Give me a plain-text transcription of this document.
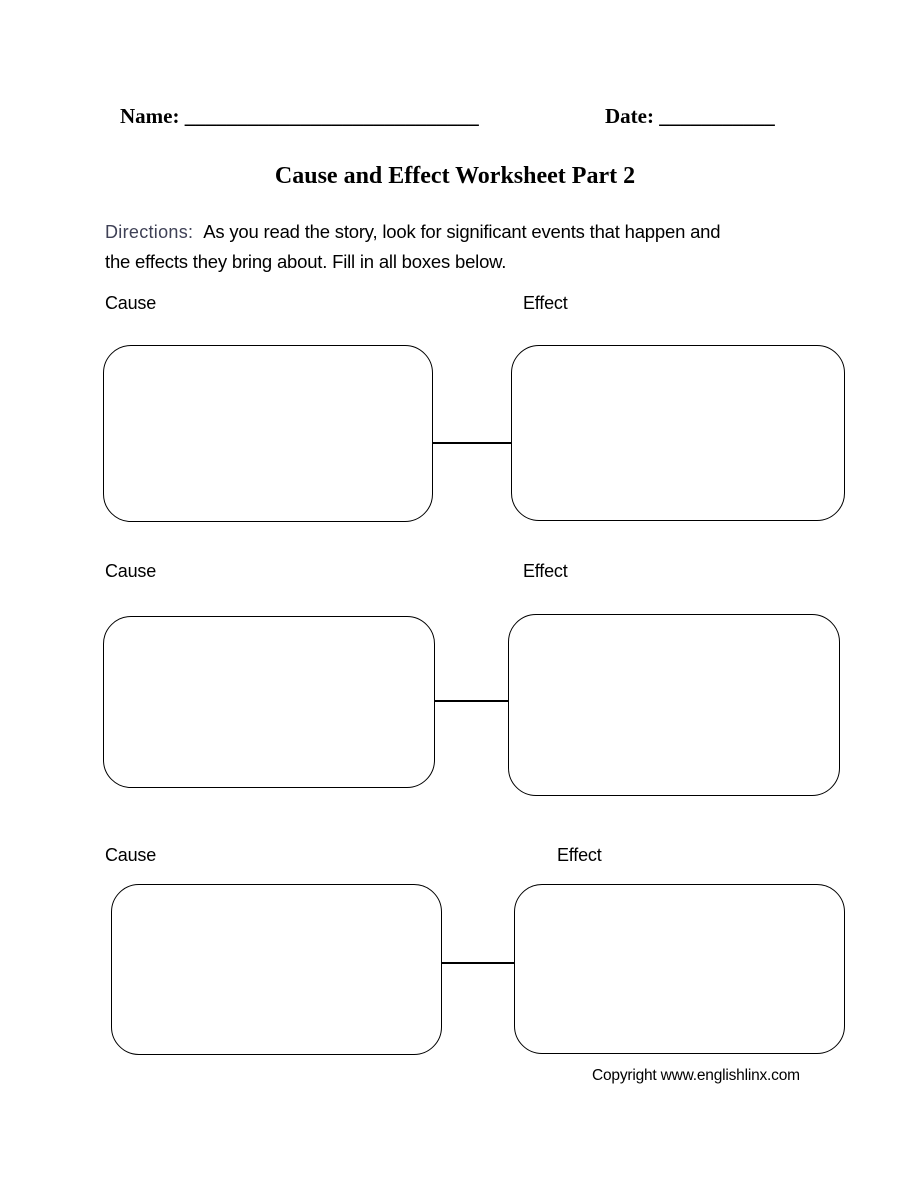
Name: ____________________________	Date: ___________
Cause and Effect Worksheet Part 2

Directions: As you read the story, look for significant events that happen and
the effects they bring about. Fill in all boxes below.

Cause	Effect
Cause	Effect
Cause	Effect
Copyright www.englishlinx.com
